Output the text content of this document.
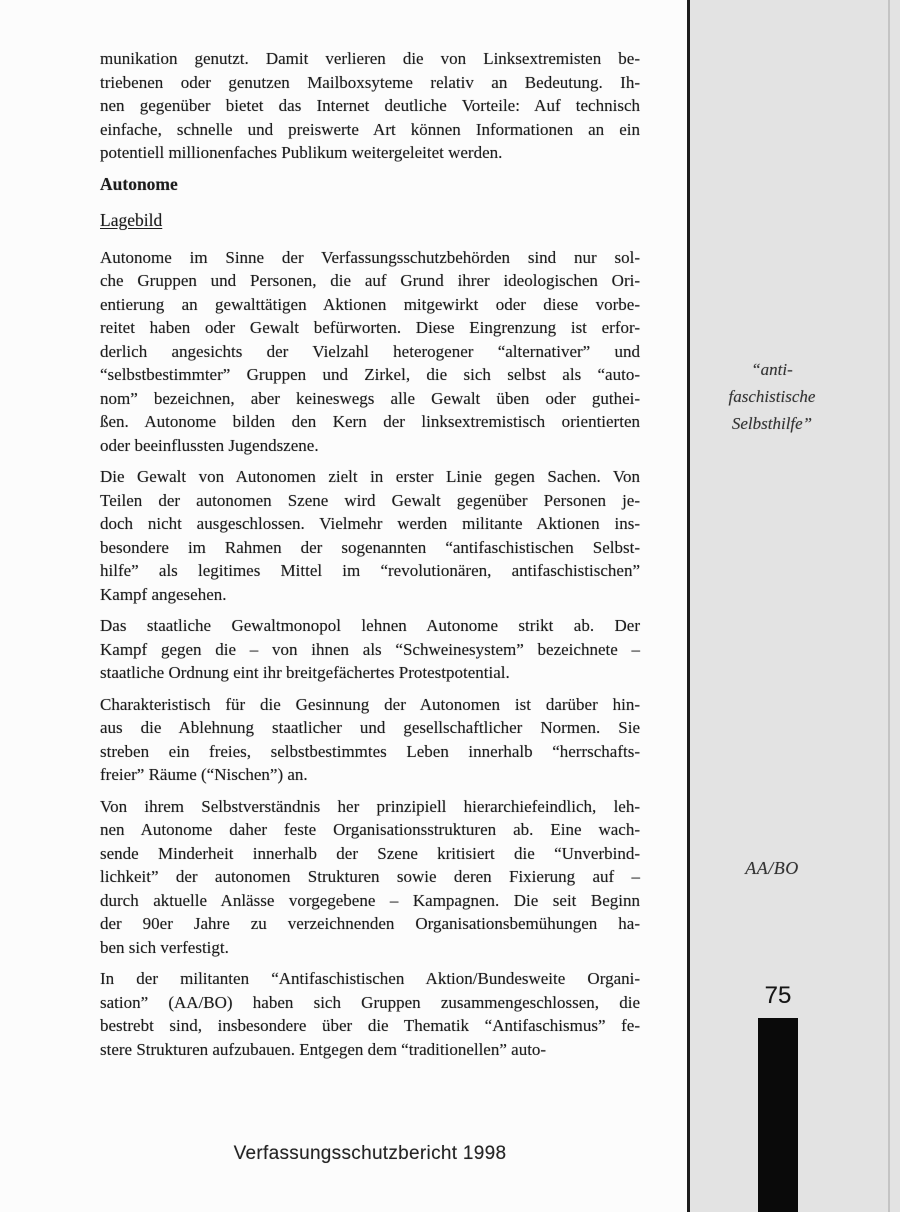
munikation genutzt. Damit verlieren die von Linksextremisten be-
triebenen oder genutzen Mailboxsyteme relativ an Bedeutung. Ih-
nen gegenüber bietet das Internet deutliche Vorteile: Auf technisch
einfache, schnelle und preiswerte Art können Informationen an ein
potentiell millionenfaches Publikum weitergeleitet werden.
Autonome
Lagebild
Autonome im Sinne der Verfassungsschutzbehörden sind nur sol-
che Gruppen und Personen, die auf Grund ihrer ideologischen Ori-
entierung an gewalttätigen Aktionen mitgewirkt oder diese vorbe-
reitet haben oder Gewalt befürworten. Diese Eingrenzung ist erfor-
derlich angesichts der Vielzahl heterogener “alternativer” und
“selbstbestimmter” Gruppen und Zirkel, die sich selbst als “auto-
nom” bezeichnen, aber keineswegs alle Gewalt üben oder guthei-
ßen. Autonome bilden den Kern der linksextremistisch orientierten
oder beeinflussten Jugendszene.
Die Gewalt von Autonomen zielt in erster Linie gegen Sachen. Von
Teilen der autonomen Szene wird Gewalt gegenüber Personen je-
doch nicht ausgeschlossen. Vielmehr werden militante Aktionen ins-
besondere im Rahmen der sogenannten “antifaschistischen Selbst-
hilfe” als legitimes Mittel im “revolutionären, antifaschistischen”
Kampf angesehen.
Das staatliche Gewaltmonopol lehnen Autonome strikt ab. Der
Kampf gegen die – von ihnen als “Schweinesystem” bezeichnete –
staatliche Ordnung eint ihr breitgefächertes Protestpotential.
Charakteristisch für die Gesinnung der Autonomen ist darüber hin-
aus die Ablehnung staatlicher und gesellschaftlicher Normen. Sie
streben ein freies, selbstbestimmtes Leben innerhalb “herrschafts-
freier” Räume (“Nischen”) an.
Von ihrem Selbstverständnis her prinzipiell hierarchiefeindlich, leh-
nen Autonome daher feste Organisationsstrukturen ab. Eine wach-
sende Minderheit innerhalb der Szene kritisiert die “Unverbind-
lichkeit” der autonomen Strukturen sowie deren Fixierung auf –
durch aktuelle Anlässe vorgegebene – Kampagnen. Die seit Beginn
der 90er Jahre zu verzeichnenden Organisationsbemühungen ha-
ben sich verfestigt.
In der militanten “Antifaschistischen Aktion/Bundesweite Organi-
sation” (AA/BO) haben sich Gruppen zusammengeschlossen, die
bestrebt sind, insbesondere über die Thematik “Antifaschismus” fe-
stere Strukturen aufzubauen. Entgegen dem “traditionellen” auto-
Verfassungsschutzbericht 1998
“anti-
faschistische
Selbsthilfe”
AA/BO
75
